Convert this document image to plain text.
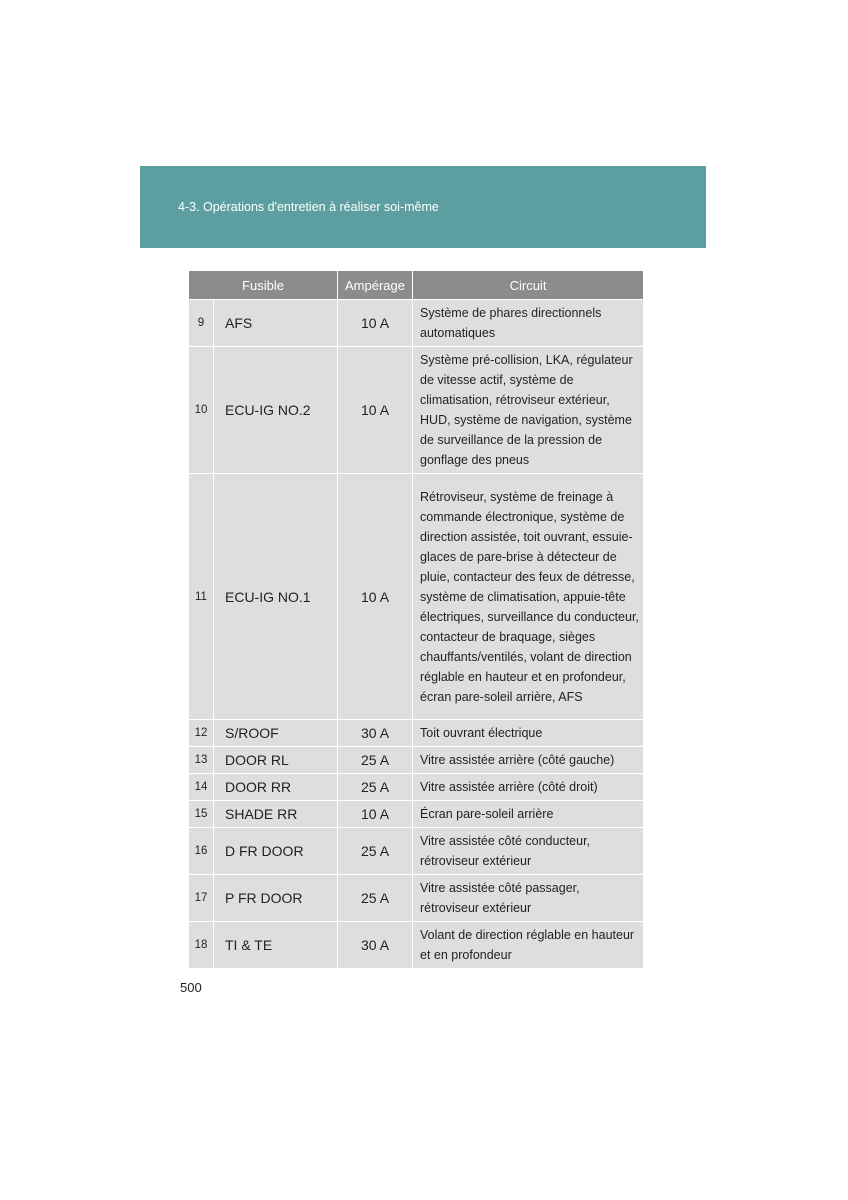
4-3. Opérations d'entretien à réaliser soi-même
Fusible		Ampérage	Circuit
9	AFS	10 A	Système de phares directionnels automatiques
10	ECU-IG NO.2	10 A	Système pré-collision, LKA, régulateur de vitesse actif, système de climatisation, rétroviseur extérieur, HUD, système de navigation, système de surveillance de la pression de gonflage des pneus
11	ECU-IG NO.1	10 A	Rétroviseur, système de freinage à commande électronique, système de direction assistée, toit ouvrant, essuie-glaces de pare-brise à détecteur de pluie, contacteur des feux de détresse, système de climatisation, appuie-tête électriques, surveillance du conducteur, contacteur de braquage, sièges chauffants/ventilés, volant de direction réglable en hauteur et en profondeur, écran pare-soleil arrière, AFS
12	S/ROOF	30 A	Toit ouvrant électrique
13	DOOR RL	25 A	Vitre assistée arrière (côté gauche)
14	DOOR RR	25 A	Vitre assistée arrière (côté droit)
15	SHADE RR	10 A	Écran pare-soleil arrière
16	D FR DOOR	25 A	Vitre assistée côté conducteur, rétroviseur extérieur
17	P FR DOOR	25 A	Vitre assistée côté passager, rétroviseur extérieur
18	TI & TE	30 A	Volant de direction réglable en hauteur et en profondeur
500
